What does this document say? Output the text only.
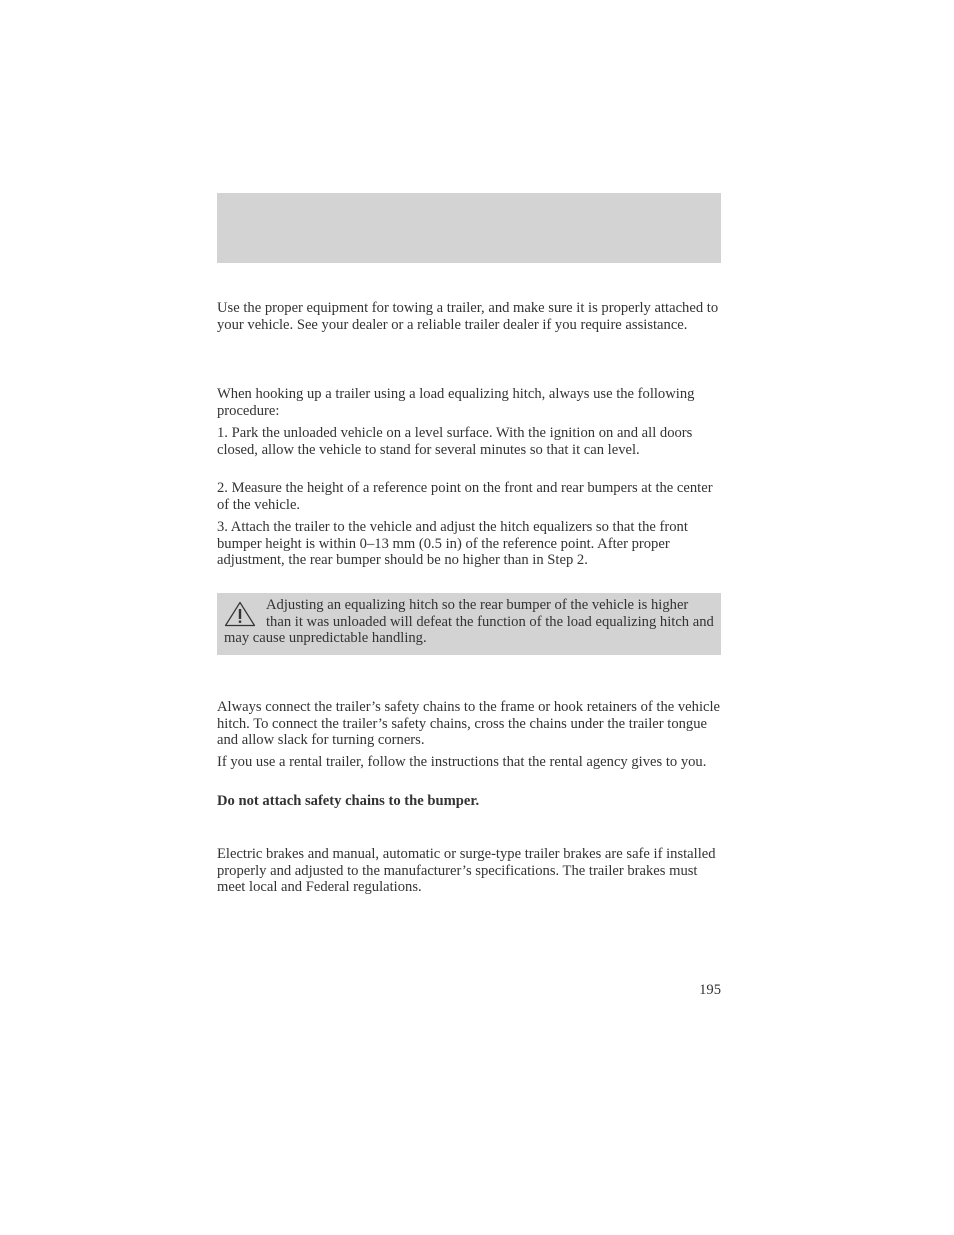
Use the proper equipment for towing a trailer, and make sure it is properly attached to your vehicle. See your dealer or a reliable trailer dealer if you require assistance.

When hooking up a trailer using a load equalizing hitch, always use the following procedure:

1. Park the unloaded vehicle on a level surface. With the ignition on and all doors closed, allow the vehicle to stand for several minutes so that it can level.

2. Measure the height of a reference point on the front and rear bumpers at the center of the vehicle.

3. Attach the trailer to the vehicle and adjust the hitch equalizers so that the front bumper height is within 0–13 mm (0.5 in) of the reference point. After proper adjustment, the rear bumper should be no higher than in Step 2.

Adjusting an equalizing hitch so the rear bumper of the vehicle is higher than it was unloaded will defeat the function of the load equalizing hitch and may cause unpredictable handling.

Always connect the trailer’s safety chains to the frame or hook retainers of the vehicle hitch. To connect the trailer’s safety chains, cross the chains under the trailer tongue and allow slack for turning corners.

If you use a rental trailer, follow the instructions that the rental agency gives to you.

Do not attach safety chains to the bumper.

Electric brakes and manual, automatic or surge-type trailer brakes are safe if installed properly and adjusted to the manufacturer’s specifications. The trailer brakes must meet local and Federal regulations.

195
